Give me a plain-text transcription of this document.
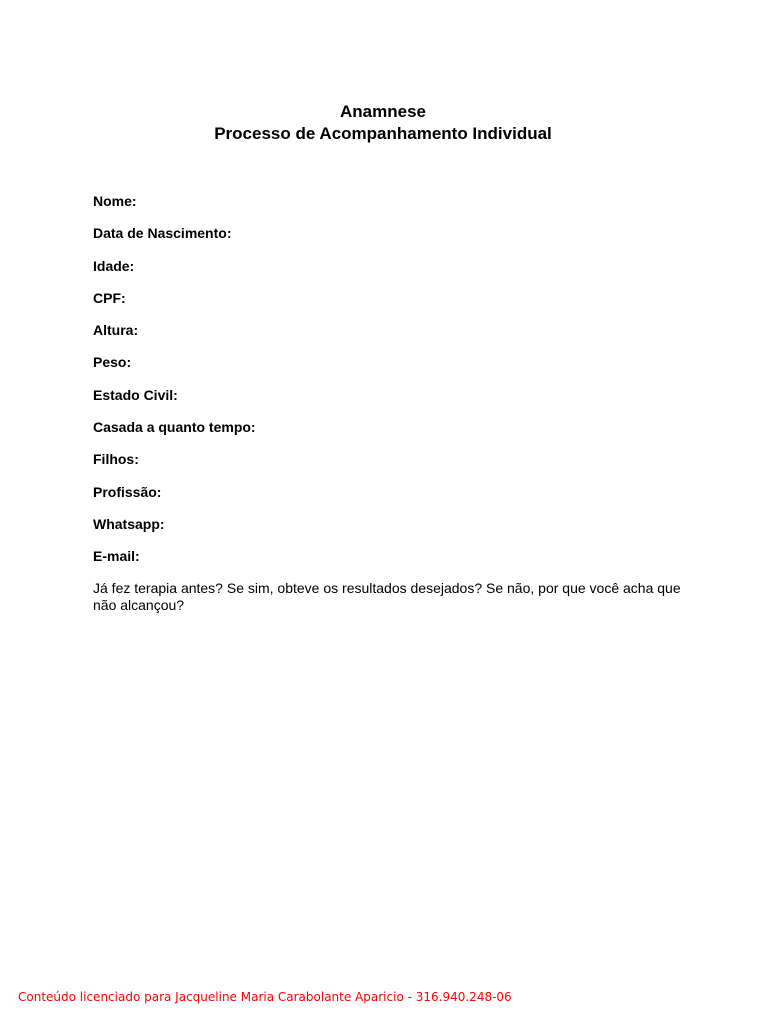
Anamnese
Processo de Acompanhamento Individual
Nome:
Data de Nascimento:
Idade:
CPF:
Altura:
Peso:
Estado Civil:
Casada a quanto tempo:
Filhos:
Profissão:
Whatsapp:
E-mail:
Já fez terapia antes? Se sim, obteve os resultados desejados? Se não, por que você acha que não alcançou?
Conteúdo licenciado para Jacqueline Maria Carabolante Aparicio - 316.940.248-06
